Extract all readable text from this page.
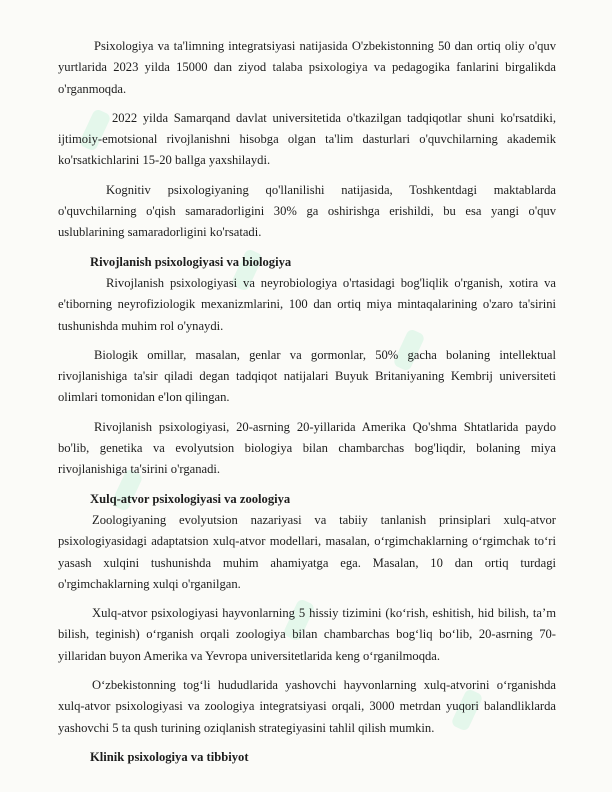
Psixologiya va ta'limning integratsiyasi natijasida O'zbekistonning 50 dan ortiq oliy o'quv yurtlarida 2023 yilda 15000 dan ziyod talaba psixologiya va pedagogika fanlarini birgalikda o'rganmoqda.

2022 yilda Samarqand davlat universitetida o'tkazilgan tadqiqotlar shuni ko'rsatdiki, ijtimoiy-emotsional rivojlanishni hisobga olgan ta'lim dasturlari o'quvchilarning akademik ko'rsatkichlarini 15-20 ballga yaxshilaydi.

Kognitiv psixologiyaning qo'llanilishi natijasida, Toshkentdagi maktablarda o'quvchilarning o'qish samaradorligini 30% ga oshirishga erishildi, bu esa yangi o'quv uslublarining samaradorligini ko'rsatadi.

Rivojlanish psixologiyasi va biologiya

Rivojlanish psixologiyasi va neyrobiologiya o'rtasidagi bog'liqlik o'rganish, xotira va e'tiborning neyrofiziologik mexanizmlarini, 100 dan ortiq miya mintaqalarining o'zaro ta'sirini tushunishda muhim rol o'ynaydi.

Biologik omillar, masalan, genlar va gormonlar, 50% gacha bolaning intellektual rivojlanishiga ta'sir qiladi degan tadqiqot natijalari Buyuk Britaniyaning Kembrij universiteti olimlari tomonidan e'lon qilingan.

Rivojlanish psixologiyasi, 20-asrning 20-yillarida Amerika Qo'shma Shtatlarida paydo bo'lib, genetika va evolyutsion biologiya bilan chambarchas bog'liqdir, bolaning miya rivojlanishiga ta'sirini o'rganadi.

Xulq-atvor psixologiyasi va zoologiya

Zoologiyaning evolyutsion nazariyasi va tabiiy tanlanish prinsiplari xulq-atvor psixologiyasidagi adaptatsion xulq-atvor modellari, masalan, o‘rgimchaklarning o‘rgimchak to‘ri yasash xulqini tushunishda muhim ahamiyatga ega. Masalan, 10 dan ortiq turdagi o'rgimchaklarning xulqi o'rganilgan.

Xulq-atvor psixologiyasi hayvonlarning 5 hissiy tizimini (ko‘rish, eshitish, hid bilish, ta’m bilish, teginish) o‘rganish orqali zoologiya bilan chambarchas bog‘liq bo‘lib, 20-asrning 70-yillaridan buyon Amerika va Yevropa universitetlarida keng o‘rganilmoqda.

O‘zbekistonning tog‘li hududlarida yashovchi hayvonlarning xulq-atvorini o‘rganishda xulq-atvor psixologiyasi va zoologiya integratsiyasi orqali, 3000 metrdan yuqori balandliklarda yashovchi 5 ta qush turining oziqlanish strategiyasini tahlil qilish mumkin.

Klinik psixologiya va tibbiyot
